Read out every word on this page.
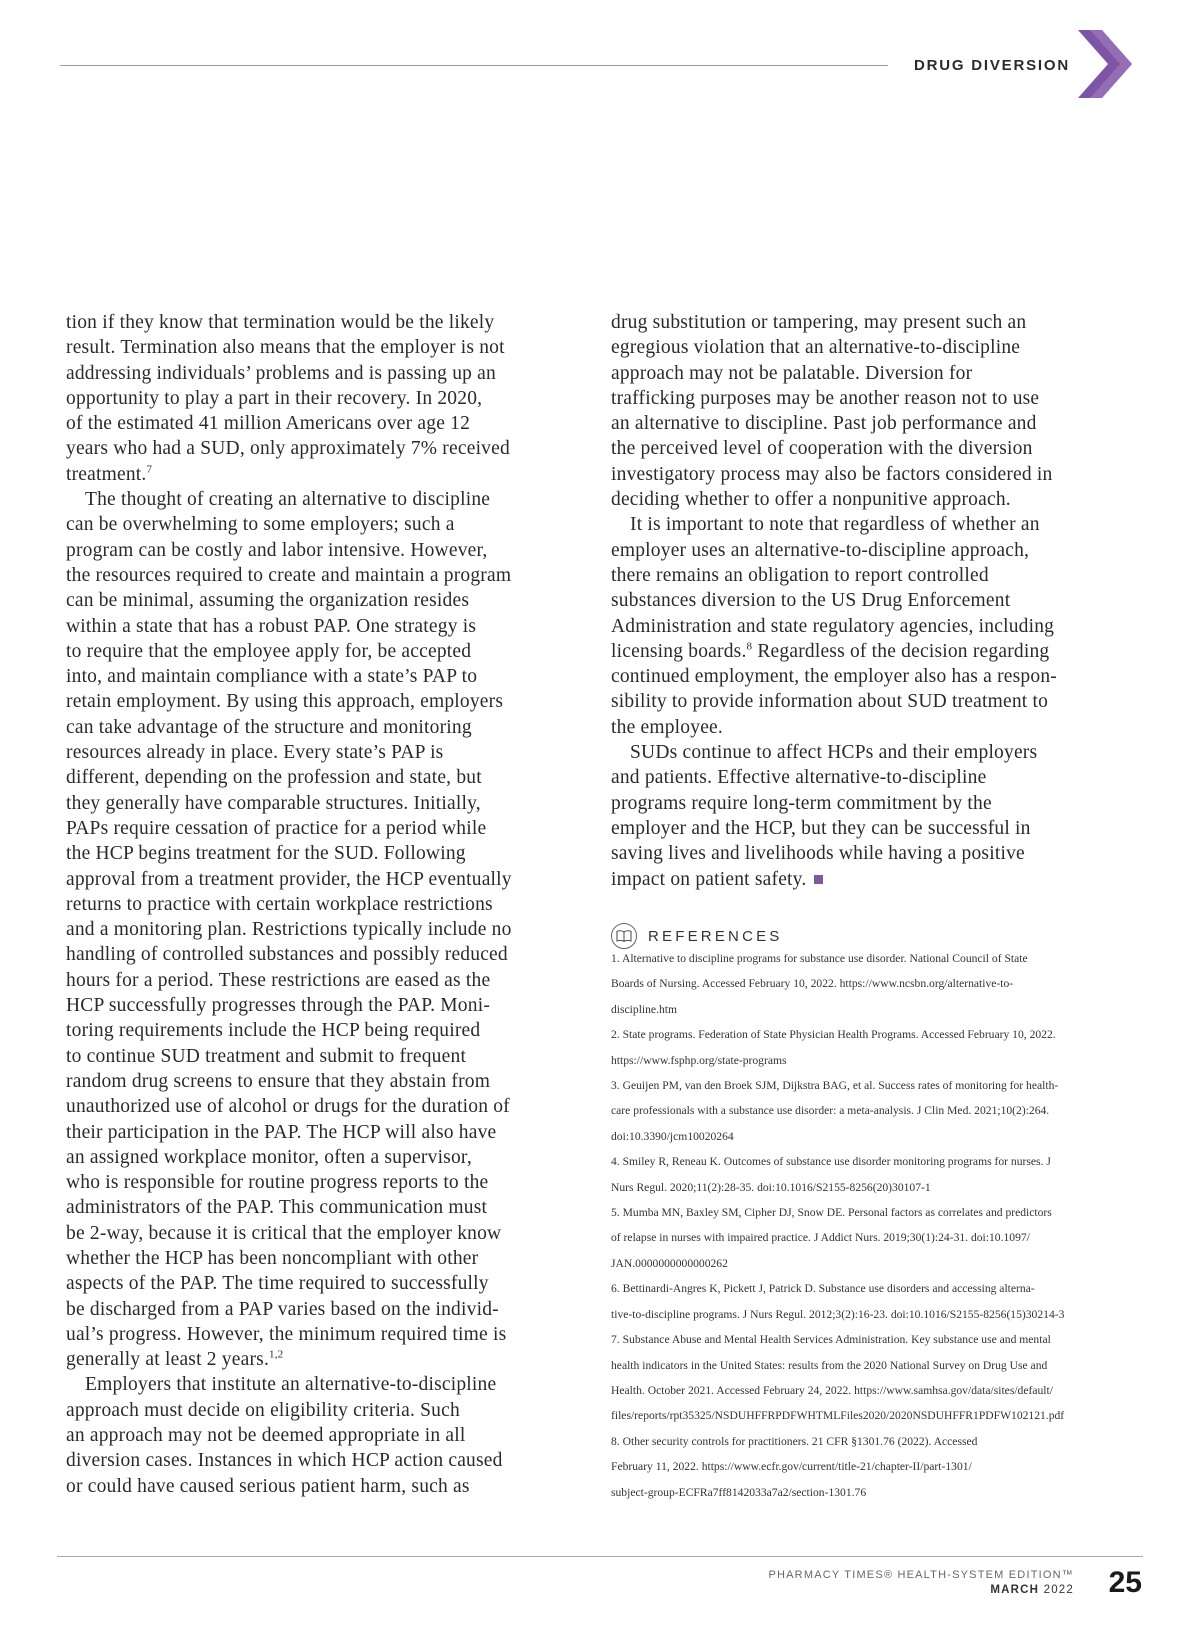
DRUG DIVERSION

tion if they know that termination would be the likely
result. Termination also means that the employer is not
addressing individuals’ problems and is passing up an
opportunity to play a part in their recovery. In 2020,
of the estimated 41 million Americans over age 12
years who had a SUD, only approximately 7% received
treatment.$^7$

The thought of creating an alternative to discipline
can be overwhelming to some employers; such a
program can be costly and labor intensive. However,
the resources required to create and maintain a program
can be minimal, assuming the organization resides
within a state that has a robust PAP. One strategy is
to require that the employee apply for, be accepted
into, and maintain compliance with a state’s PAP to
retain employment. By using this approach, employers
can take advantage of the structure and monitoring
resources already in place. Every state’s PAP is
different, depending on the profession and state, but
they generally have comparable structures. Initially,
PAPs require cessation of practice for a period while
the HCP begins treatment for the SUD. Following
approval from a treatment provider, the HCP eventually
returns to practice with certain workplace restrictions
and a monitoring plan. Restrictions typically include no
handling of controlled substances and possibly reduced
hours for a period. These restrictions are eased as the
HCP successfully progresses through the PAP. Moni-
toring requirements include the HCP being required
to continue SUD treatment and submit to frequent
random drug screens to ensure that they abstain from
unauthorized use of alcohol or drugs for the duration of
their participation in the PAP. The HCP will also have
an assigned workplace monitor, often a supervisor,
who is responsible for routine progress reports to the
administrators of the PAP. This communication must
be 2-way, because it is critical that the employer know
whether the HCP has been noncompliant with other
aspects of the PAP. The time required to successfully
be discharged from a PAP varies based on the individ-
ual’s progress. However, the minimum required time is
generally at least 2 years.$^{1,2}$

Employers that institute an alternative-to-discipline
approach must decide on eligibility criteria. Such
an approach may not be deemed appropriate in all
diversion cases. Instances in which HCP action caused
or could have caused serious patient harm, such as

drug substitution or tampering, may present such an
egregious violation that an alternative-to-discipline
approach may not be palatable. Diversion for
trafficking purposes may be another reason not to use
an alternative to discipline. Past job performance and
the perceived level of cooperation with the diversion
investigatory process may also be factors considered in
deciding whether to offer a nonpunitive approach.

It is important to note that regardless of whether an
employer uses an alternative-to-discipline approach,
there remains an obligation to report controlled
substances diversion to the US Drug Enforcement
Administration and state regulatory agencies, including
licensing boards.$^8$ Regardless of the decision regarding
continued employment, the employer also has a respon-
sibility to provide information about SUD treatment to
the employee.

SUDs continue to affect HCPs and their employers
and patients. Effective alternative-to-discipline
programs require long-term commitment by the
employer and the HCP, but they can be successful in
saving lives and livelihoods while having a positive
impact on patient safety.

REFERENCES
1. Alternative to discipline programs for substance use disorder. National Council of State
Boards of Nursing. Accessed February 10, 2022. https://www.ncsbn.org/alternative-to-
discipline.htm
2. State programs. Federation of State Physician Health Programs. Accessed February 10, 2022.
https://www.fsphp.org/state-programs
3. Geuijen PM, van den Broek SJM, Dijkstra BAG, et al. Success rates of monitoring for health-
care professionals with a substance use disorder: a meta-analysis. J Clin Med. 2021;10(2):264.
doi:10.3390/jcm10020264
4. Smiley R, Reneau K. Outcomes of substance use disorder monitoring programs for nurses. J
Nurs Regul. 2020;11(2):28-35. doi:10.1016/S2155-8256(20)30107-1
5. Mumba MN, Baxley SM, Cipher DJ, Snow DE. Personal factors as correlates and predictors
of relapse in nurses with impaired practice. J Addict Nurs. 2019;30(1):24-31. doi:10.1097/
JAN.0000000000000262
6. Bettinardi-Angres K, Pickett J, Patrick D. Substance use disorders and accessing alterna-
tive-to-discipline programs. J Nurs Regul. 2012;3(2):16-23. doi:10.1016/S2155-8256(15)30214-3
7. Substance Abuse and Mental Health Services Administration. Key substance use and mental
health indicators in the United States: results from the 2020 National Survey on Drug Use and
Health. October 2021. Accessed February 24, 2022. https://www.samhsa.gov/data/sites/default/
files/reports/rpt35325/NSDUHFFRPDFWHTMLFiles2020/2020NSDUHFFR1PDFW102121.pdf
8. Other security controls for practitioners. 21 CFR §1301.76 (2022). Accessed
February 11, 2022. https://www.ecfr.gov/current/title-21/chapter-II/part-1301/
subject-group-ECFRa7ff8142033a7a2/section-1301.76
PHARMACY TIMES® HEALTH-SYSTEM EDITION™
MARCH 2022 25
